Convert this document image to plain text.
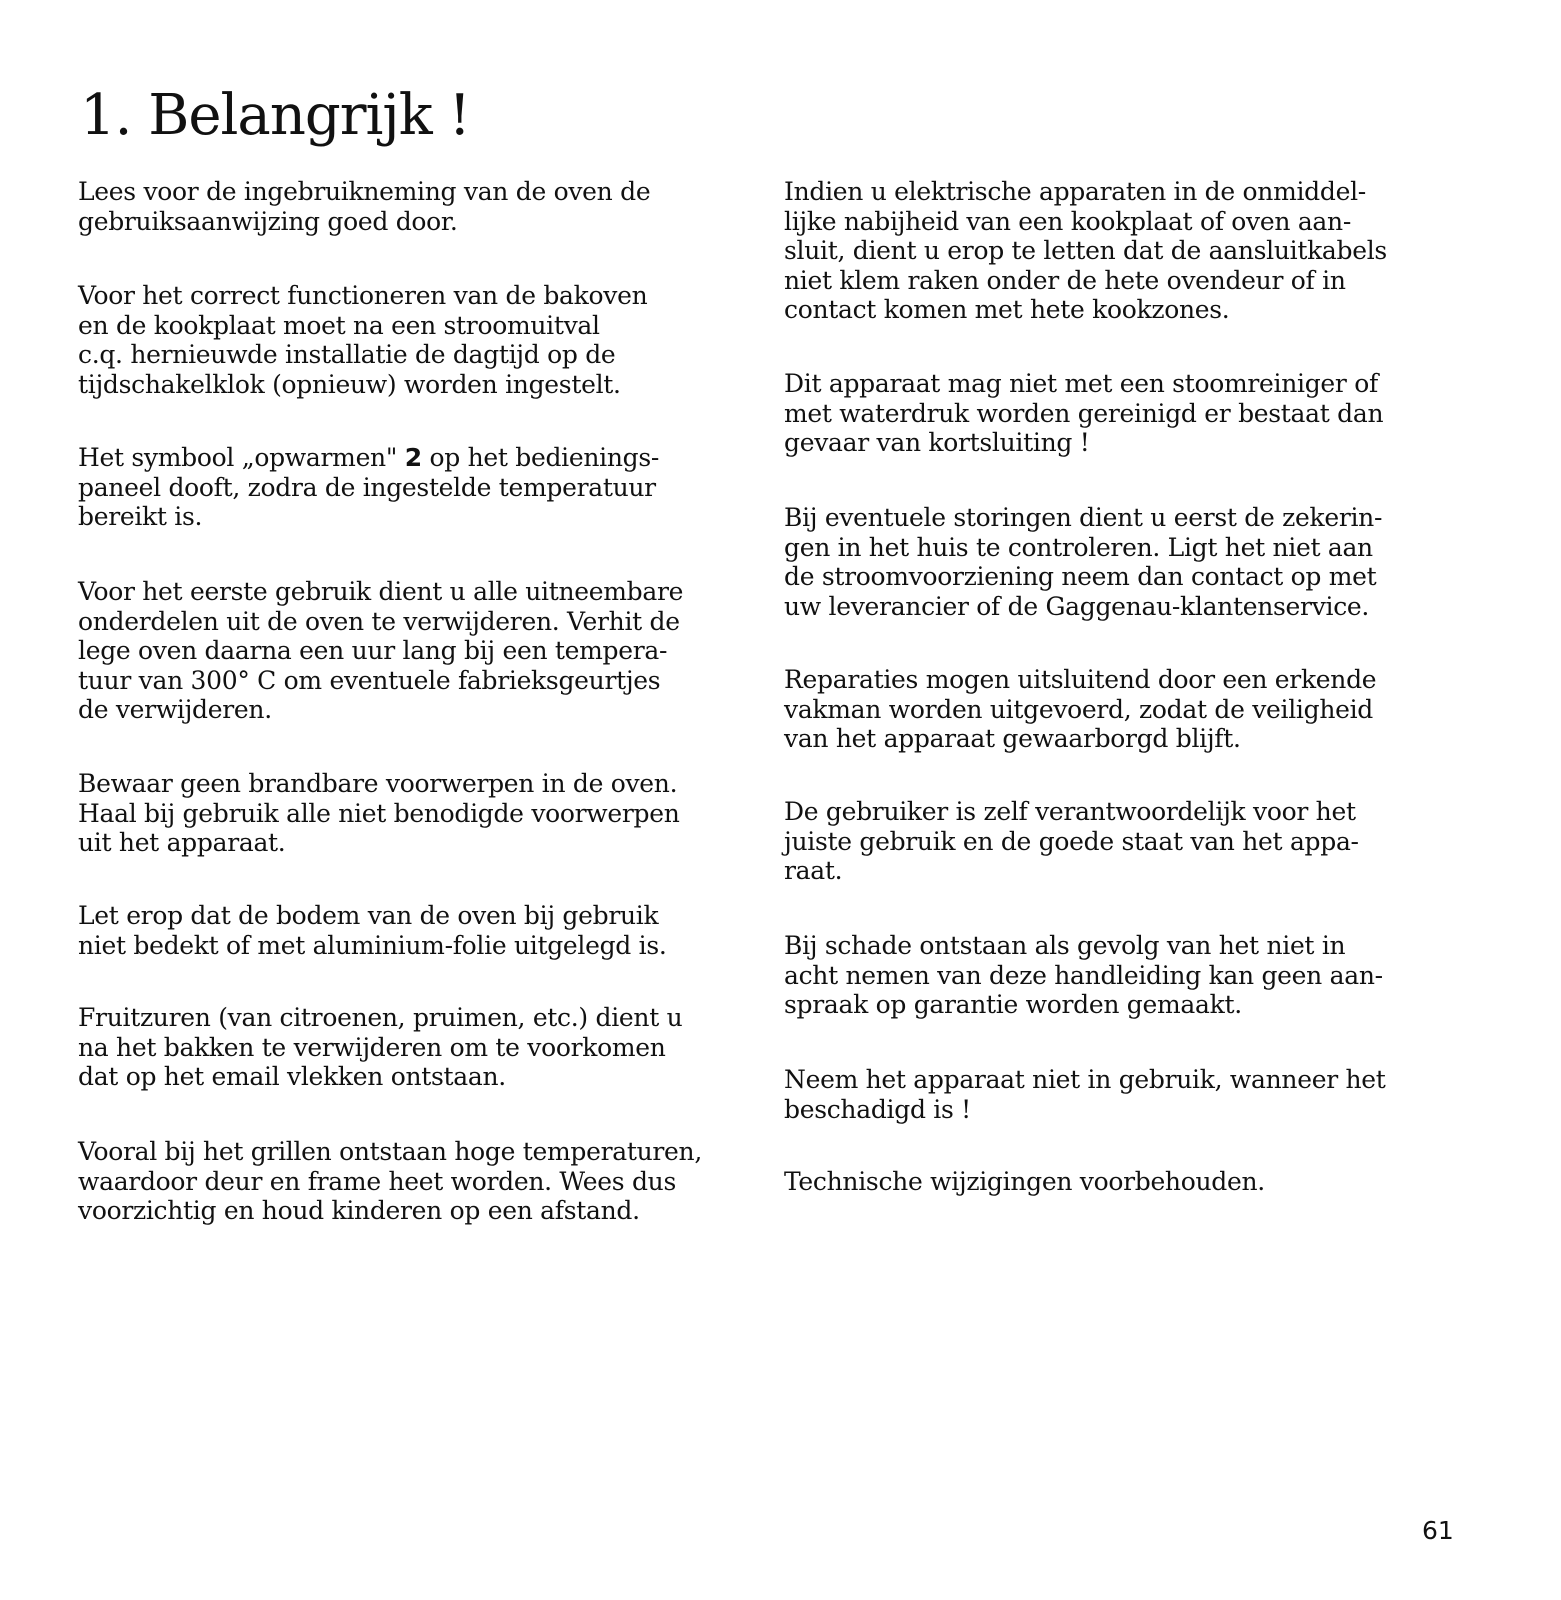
1. Belangrijk !

Lees voor de ingebruikneming van de oven de
gebruiksaanwijzing goed door.

Voor het correct functioneren van de bakoven
en de kookplaat moet na een stroomuitval
c.q. hernieuwde installatie de dagtijd op de
tijdschakelklok (opnieuw) worden ingestelt.

Het symbool „opwarmen" 2 op het bedienings-
paneel dooft, zodra de ingestelde temperatuur
bereikt is.

Voor het eerste gebruik dient u alle uitneembare
onderdelen uit de oven te verwijderen. Verhit de
lege oven daarna een uur lang bij een tempera-
tuur van 300° C om eventuele fabrieksgeurtjes
de verwijderen.

Bewaar geen brandbare voorwerpen in de oven.
Haal bij gebruik alle niet benodigde voorwerpen
uit het apparaat.

Let erop dat de bodem van de oven bij gebruik
niet bedekt of met aluminium-folie uitgelegd is.

Fruitzuren (van citroenen, pruimen, etc.) dient u
na het bakken te verwijderen om te voorkomen
dat op het email vlekken ontstaan.

Vooral bij het grillen ontstaan hoge temperaturen,
waardoor deur en frame heet worden. Wees dus
voorzichtig en houd kinderen op een afstand.

Indien u elektrische apparaten in de onmiddel-
lijke nabijheid van een kookplaat of oven aan-
sluit, dient u erop te letten dat de aansluitkabels
niet klem raken onder de hete ovendeur of in
contact komen met hete kookzones.

Dit apparaat mag niet met een stoomreiniger of
met waterdruk worden gereinigd er bestaat dan
gevaar van kortsluiting !

Bij eventuele storingen dient u eerst de zekerin-
gen in het huis te controleren. Ligt het niet aan
de stroomvoorziening neem dan contact op met
uw leverancier of de Gaggenau-klantenservice.

Reparaties mogen uitsluitend door een erkende
vakman worden uitgevoerd, zodat de veiligheid
van het apparaat gewaarborgd blijft.

De gebruiker is zelf verantwoordelijk voor het
juiste gebruik en de goede staat van het appa-
raat.

Bij schade ontstaan als gevolg van het niet in
acht nemen van deze handleiding kan geen aan-
spraak op garantie worden gemaakt.

Neem het apparaat niet in gebruik, wanneer het
beschadigd is !

Technische wijzigingen voorbehouden.

61
